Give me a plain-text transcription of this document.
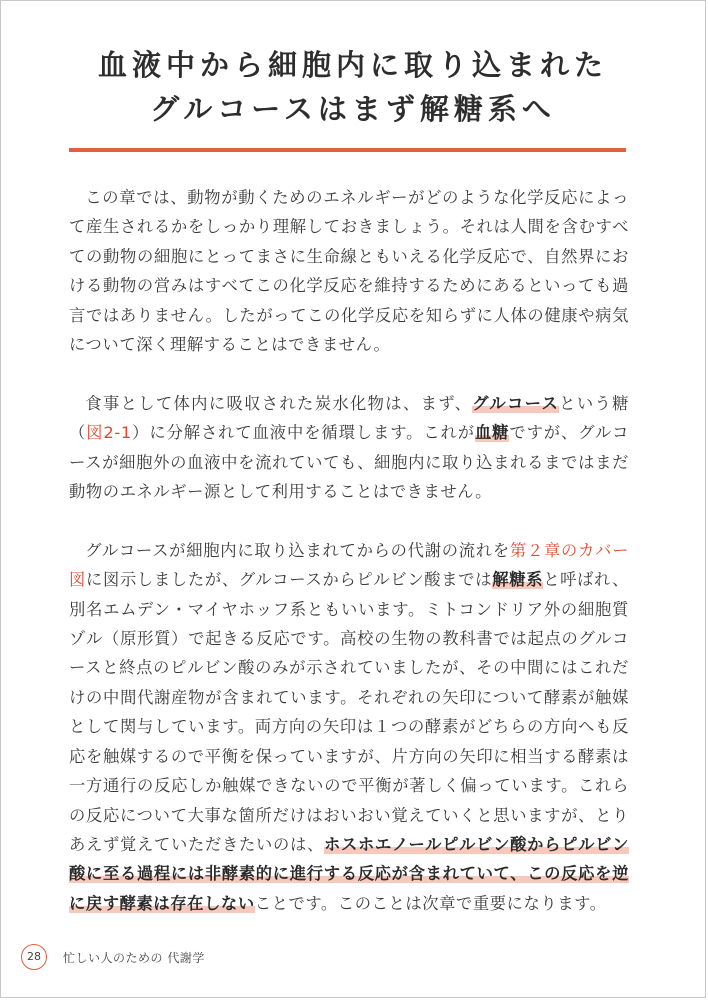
血液中から細胞内に取り込まれた
グルコースはまず解糖系へ

この章では、動物が動くためのエネルギーがどのような化学反応によって産生されるかをしっかり理解しておきましょう。それは人間を含むすべての動物の細胞にとってまさに生命線ともいえる化学反応で、自然界における動物の営みはすべてこの化学反応を維持するためにあるといっても過言ではありません。したがってこの化学反応を知らずに人体の健康や病気について深く理解することはできません。

食事として体内に吸収された炭水化物は、まず、グルコースという糖（図2-1）に分解されて血液中を循環します。これが血糖ですが、グルコースが細胞外の血液中を流れていても、細胞内に取り込まれるまではまだ動物のエネルギー源として利用することはできません。

グルコースが細胞内に取り込まれてからの代謝の流れを第２章のカバー図に図示しましたが、グルコースからピルビン酸までは解糖系と呼ばれ、別名エムデン・マイヤホッフ系ともいいます。ミトコンドリア外の細胞質ゾル（原形質）で起きる反応です。高校の生物の教科書では起点のグルコースと終点のピルビン酸のみが示されていましたが、その中間にはこれだけの中間代謝産物が含まれています。それぞれの矢印について酵素が触媒として関与しています。両方向の矢印は１つの酵素がどちらの方向へも反応を触媒するので平衡を保っていますが、片方向の矢印に相当する酵素は一方通行の反応しか触媒できないので平衡が著しく偏っています。これらの反応について大事な箇所だけはおいおい覚えていくと思いますが、とりあえず覚えていただきたいのは、ホスホエノールピルビン酸からピルビン酸に至る過程には非酵素的に進行する反応が含まれていて、この反応を逆に戻す酵素は存在しないことです。このことは次章で重要になります。

28	忙しい人のための 代謝学
